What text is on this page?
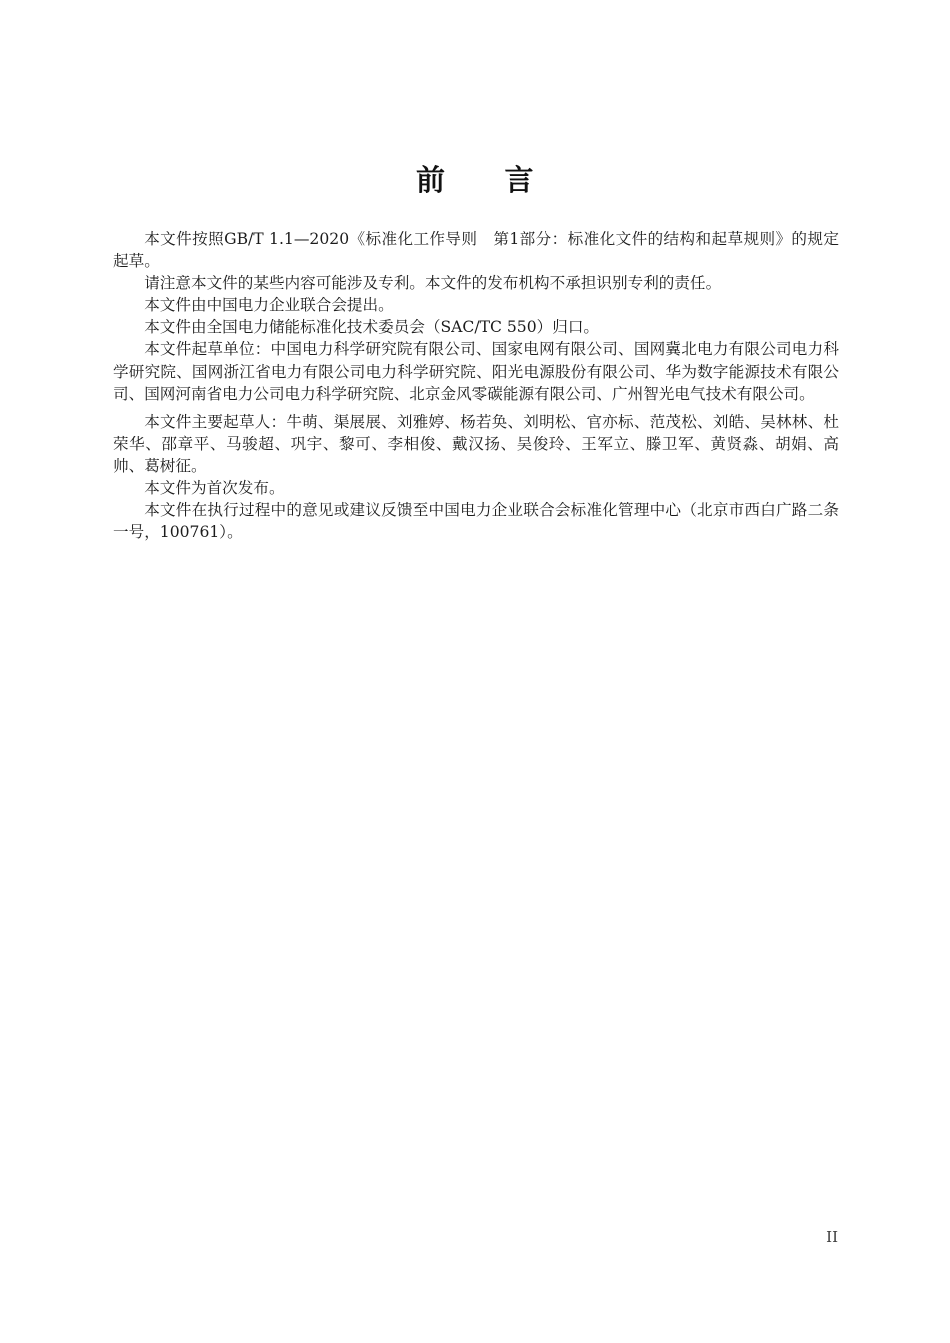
前　　言

本文件按照GB/T 1.1—2020《标准化工作导则　第1部分：标准化文件的结构和起草规则》的规定起草。

请注意本文件的某些内容可能涉及专利。本文件的发布机构不承担识别专利的责任。

本文件由中国电力企业联合会提出。

本文件由全国电力储能标准化技术委员会（SAC/TC 550）归口。

本文件起草单位：中国电力科学研究院有限公司、国家电网有限公司、国网冀北电力有限公司电力科学研究院、国网浙江省电力有限公司电力科学研究院、阳光电源股份有限公司、华为数字能源技术有限公司、国网河南省电力公司电力科学研究院、北京金风零碳能源有限公司、广州智光电气技术有限公司。

本文件主要起草人：牛萌、渠展展、刘雅婷、杨若奂、刘明松、官亦标、范茂松、刘皓、吴林林、杜荣华、邵章平、马骏超、巩宇、黎可、李相俊、戴汉扬、吴俊玲、王军立、滕卫军、黄贤淼、胡娟、高帅、葛树征。

本文件为首次发布。

本文件在执行过程中的意见或建议反馈至中国电力企业联合会标准化管理中心（北京市西白广路二条一号，100761）。

II
